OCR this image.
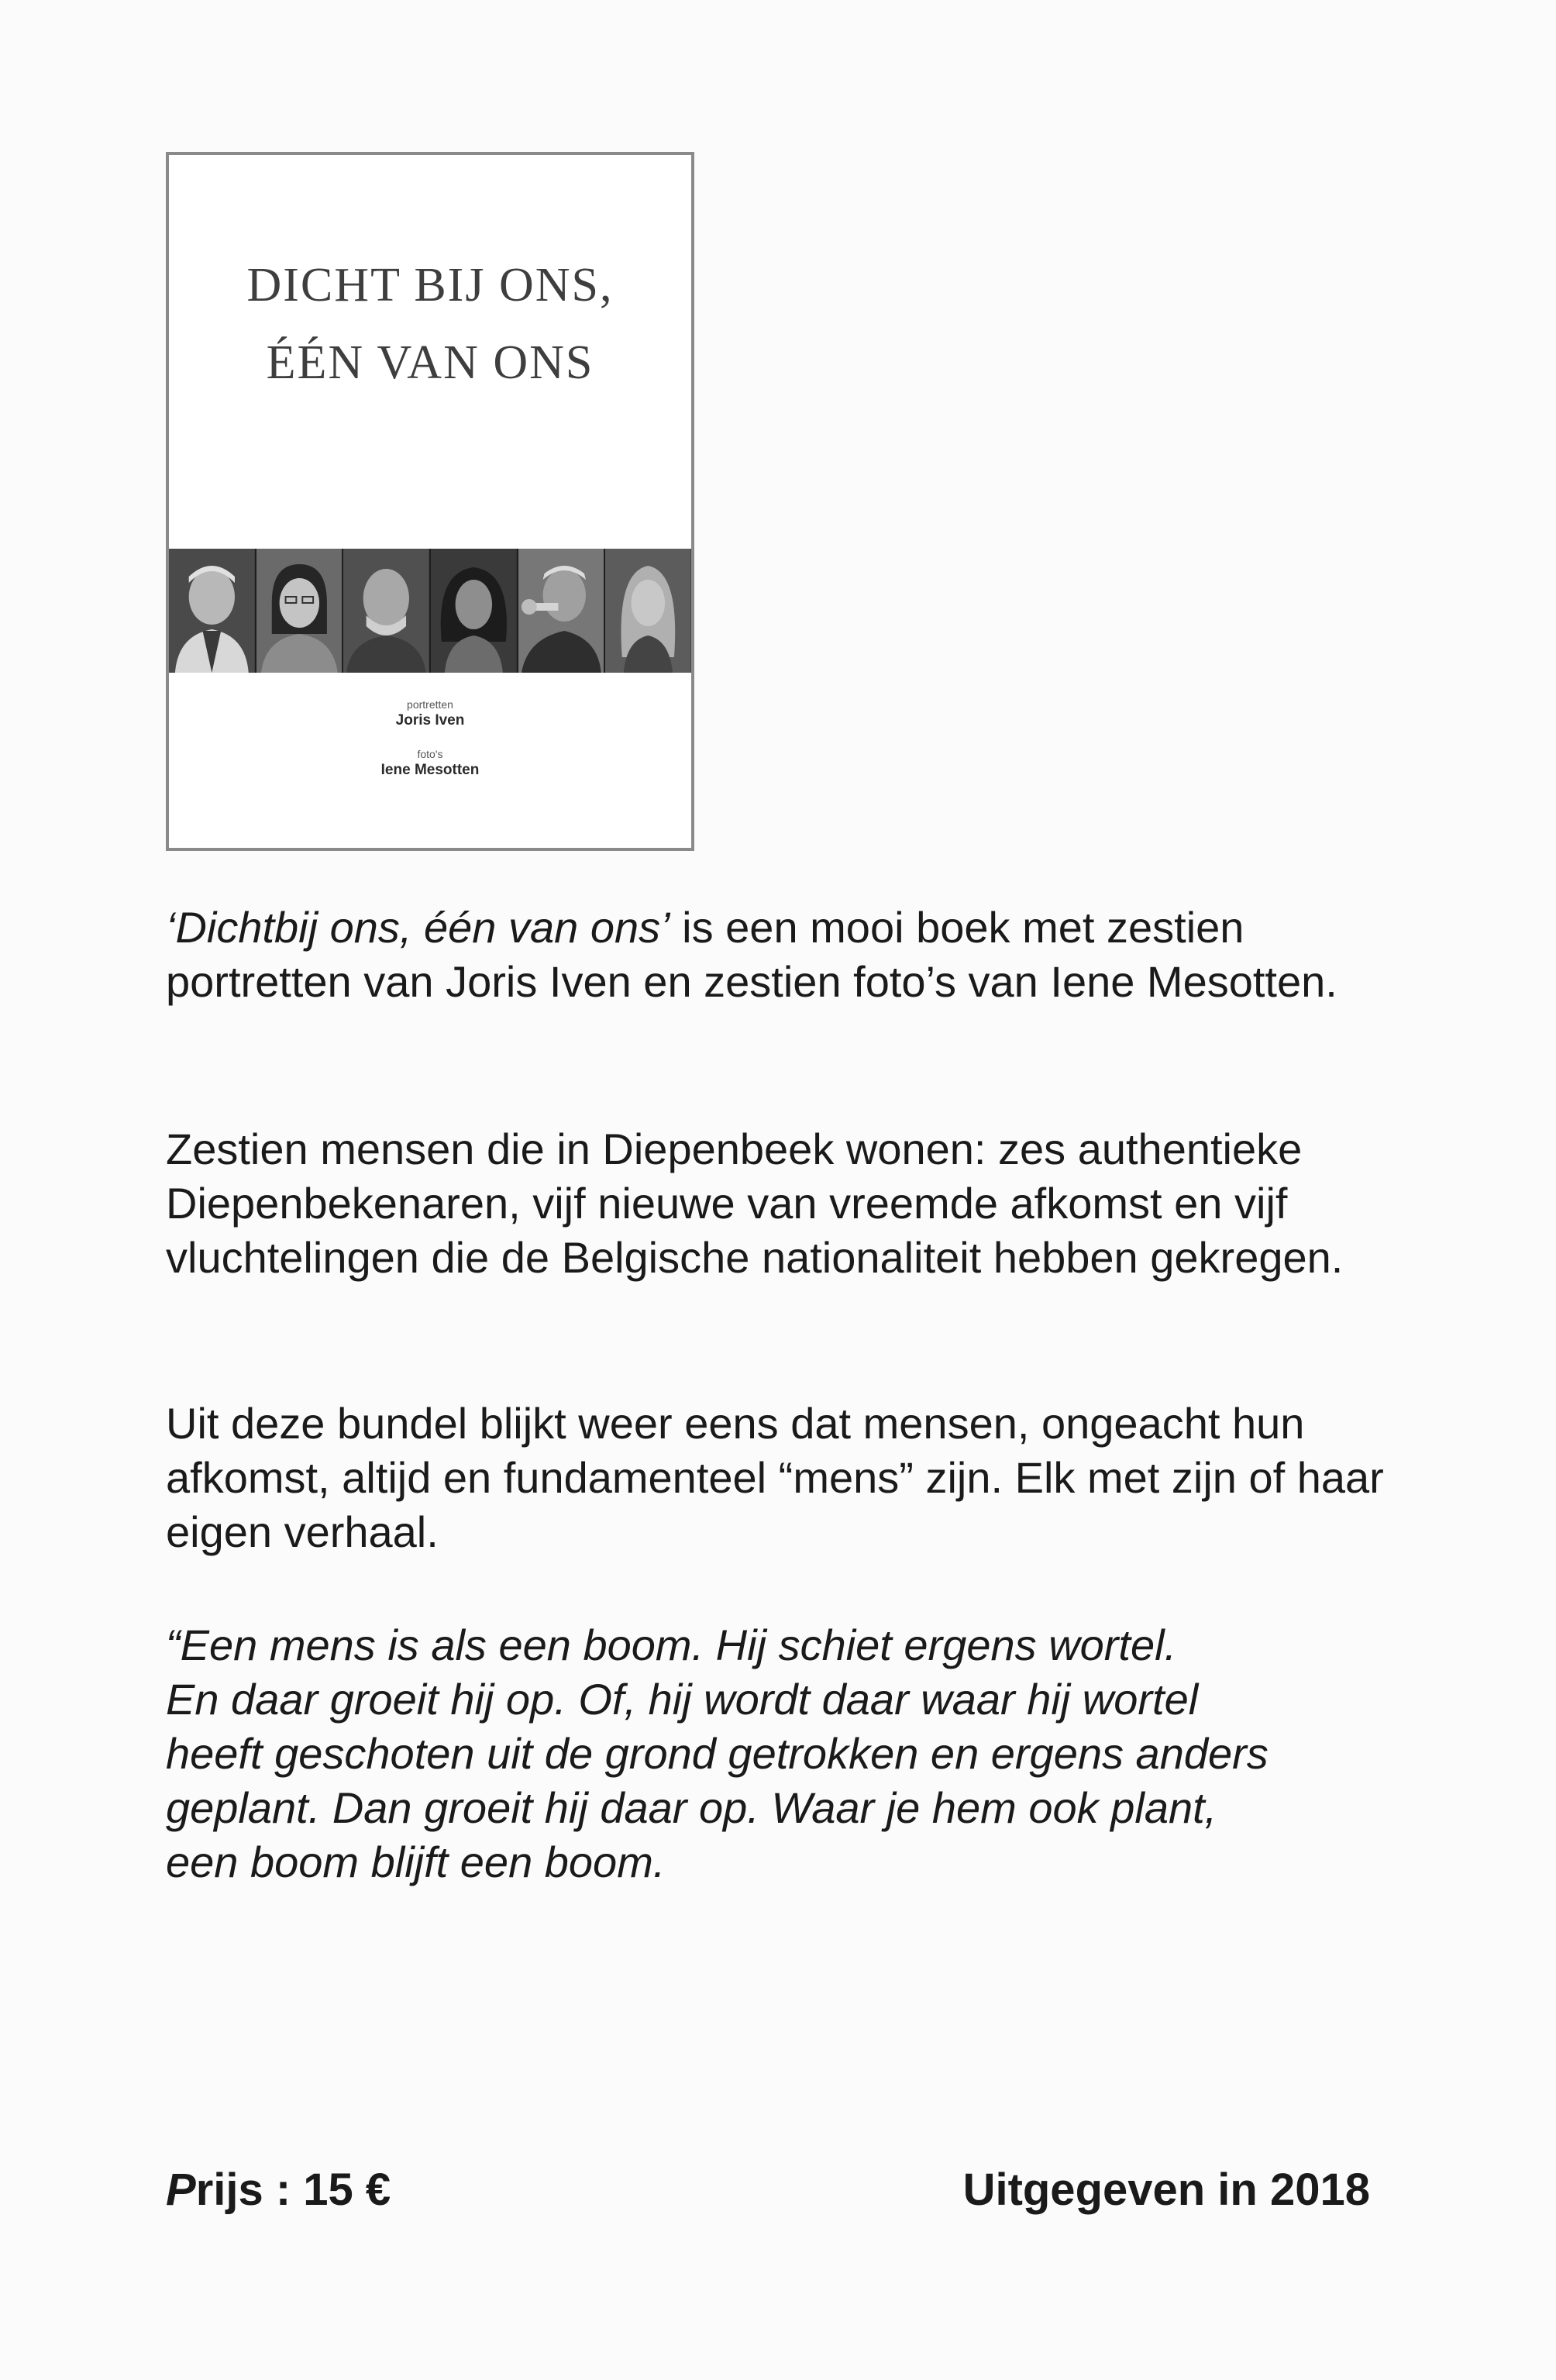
DICHT BIJ ONS,
ÉÉN VAN ONS
portretten
Joris Iven
foto's
Iene Mesotten
‘Dichtbij ons, één van ons’ is een mooi boek met zestien portretten van Joris Iven en zestien foto’s van Iene Mesotten.
Zestien mensen die in Diepenbeek wonen: zes authentieke Diepenbekenaren, vijf nieuwe van vreemde afkomst en vijf vluchtelingen die de Belgische nationaliteit hebben gekregen.
Uit deze bundel blijkt weer eens dat mensen, ongeacht hun afkomst, altijd en fundamenteel “mens” zijn. Elk met zijn of haar eigen verhaal.
“Een mens is als een boom. Hij schiet ergens wortel.
En daar groeit hij op. Of, hij wordt daar waar hij wortel
heeft geschoten uit de grond getrokken en ergens anders
geplant. Dan groeit hij daar op. Waar je hem ook plant,
een boom blijft een boom.
Prijs : 15 €	Uitgegeven in 2018
